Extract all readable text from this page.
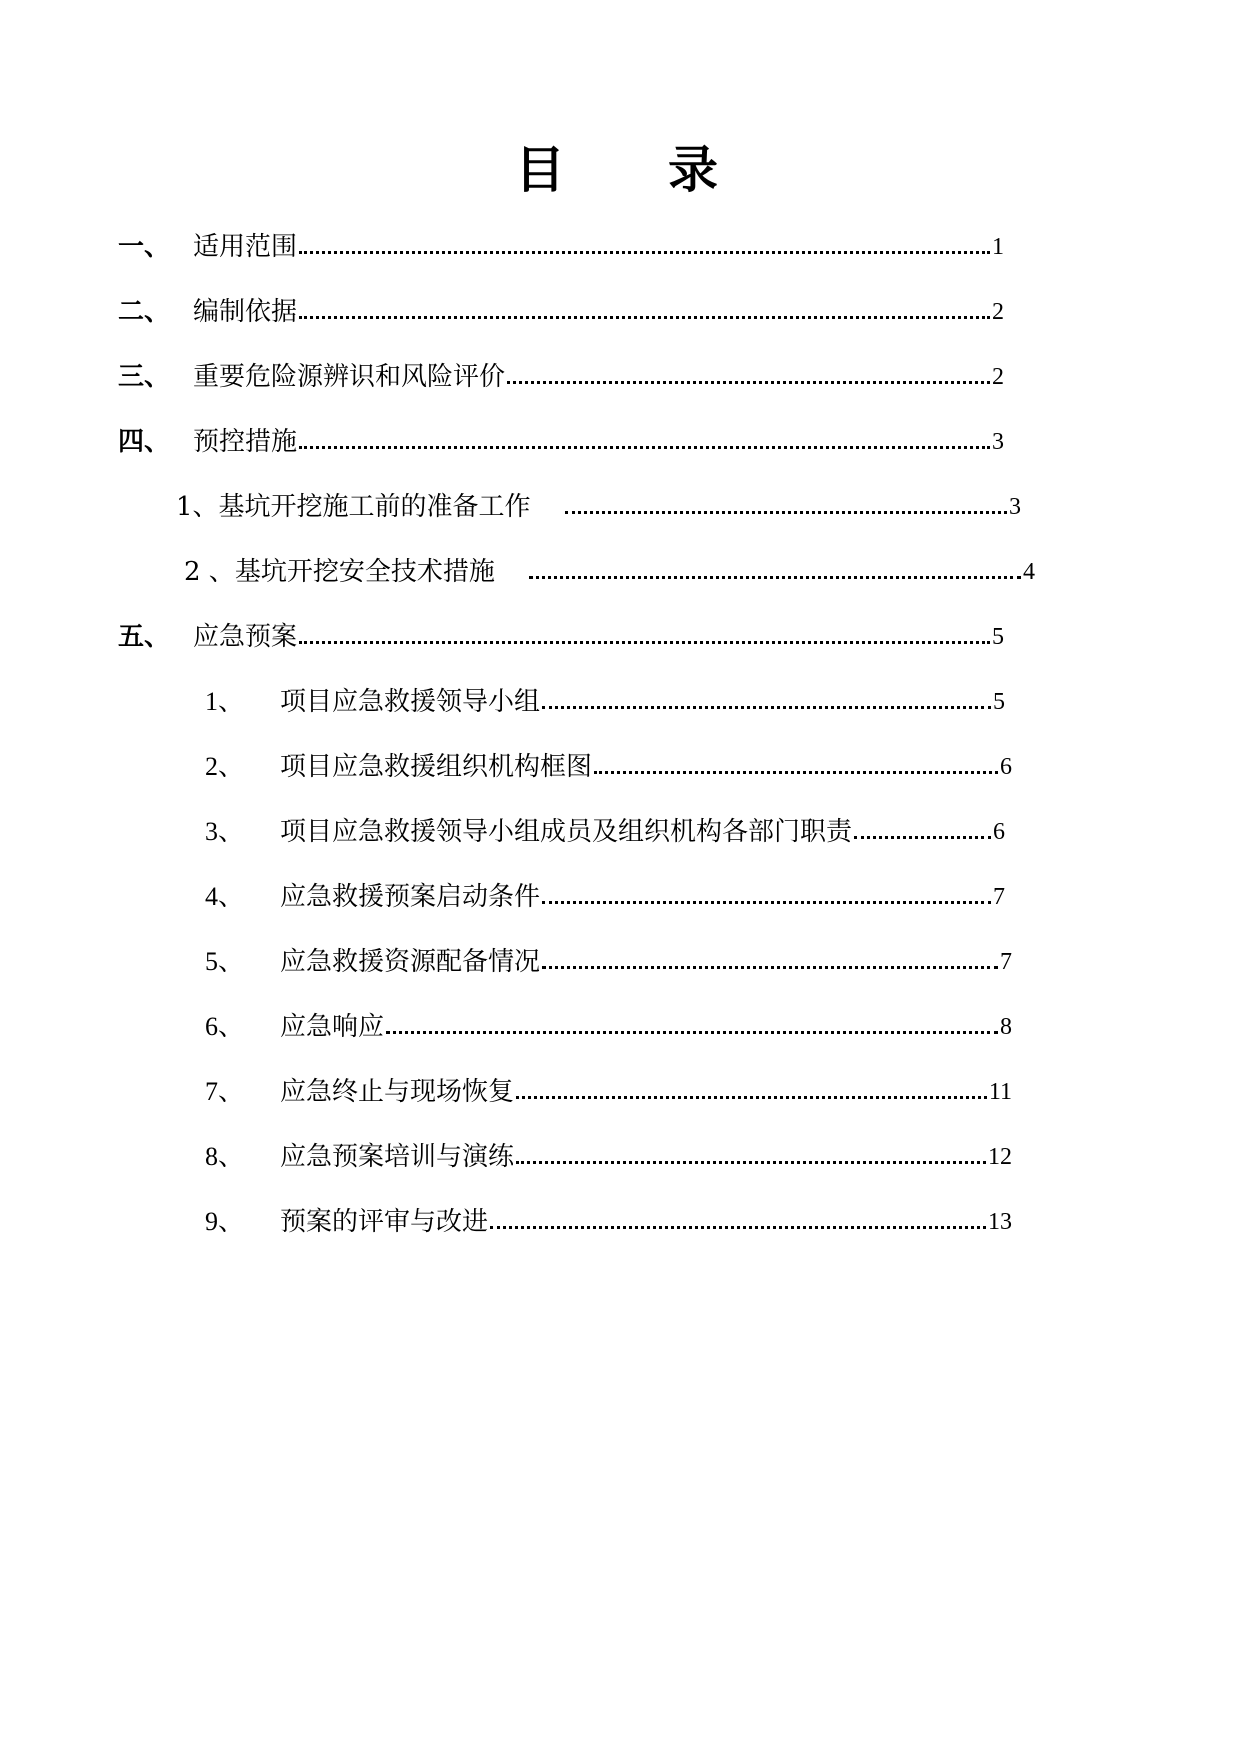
目 录
一、 适用范围	1
二、 编制依据	2
三、 重要危险源辨识和风险评价	2
四、 预控措施	3
1、 基坑开挖施工前的准备工作	3
2 、 基坑开挖安全技术措施	4
五、 应急预案	5
1、	项目应急救援领导小组	5
2、	项目应急救援组织机构框图	6
3、	项目应急救援领导小组成员及组织机构各部门职责	6
4、	应急救援预案启动条件	7
5、	应急救援资源配备情况	7
6、	应急响应	8
7、	应急终止与现场恢复	11
8、	应急预案培训与演练	12
9、	预案的评审与改进	13
